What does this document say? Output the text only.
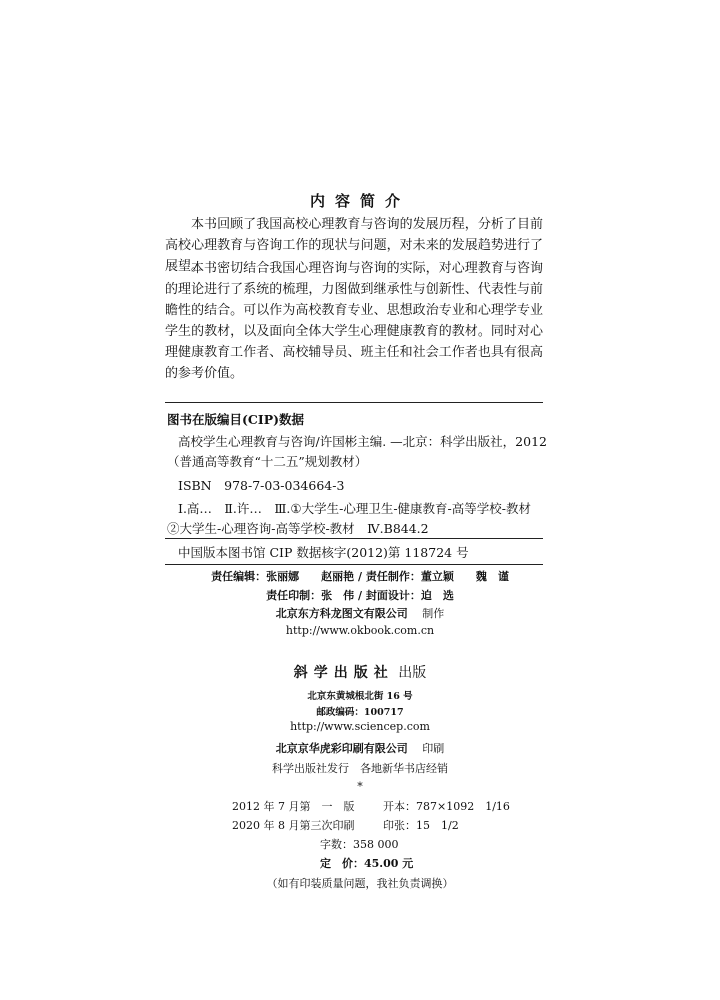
内容简介
本书回顾了我国高校心理教育与咨询的发展历程，分析了目前高校心理教育与咨询工作的现状与问题，对未来的发展趋势进行了展望。
本书密切结合我国心理咨询与咨询的实际，对心理教育与咨询的理论进行了系统的梳理，力图做到继承性与创新性、代表性与前瞻性的结合。可以作为高校教育专业、思想政治专业和心理学专业学生的教材，以及面向全体大学生心理健康教育的教材。同时对心理健康教育工作者、高校辅导员、班主任和社会工作者也具有很高的参考价值。
图书在版编目(CIP)数据
高校学生心理教育与咨询/许国彬主编. —北京：科学出版社，2012
（普通高等教育“十二五”规划教材）
ISBN　978-7-03-034664-3
Ⅰ.高…　Ⅱ.许…　Ⅲ.①大学生-心理卫生-健康教育-高等学校-教材
②大学生-心理咨询-高等学校-教材　Ⅳ.B844.2
中国版本图书馆 CIP 数据核字(2012)第 118724 号
责任编辑：张丽娜　　赵丽艳 / 责任制作：董立颖　　魏　谨
责任印制：张　伟 / 封面设计：迫　选
北京东方科龙图文有限公司　 制作
http://www.okbook.com.cn
斜学出版社 出版
北京东黄城根北街 16 号
邮政编码：100717
http://www.sciencep.com
北京京华虎彩印刷有限公司　 印刷
科学出版社发行　各地新华书店经销
*
2012 年 7 月第　一　版	开本：787×1092　1/16
2020 年 8 月第三次印刷	印张：15　1/2
字数：358 000
定　价：45.00 元
（如有印装质量问题，我社负责调换）
